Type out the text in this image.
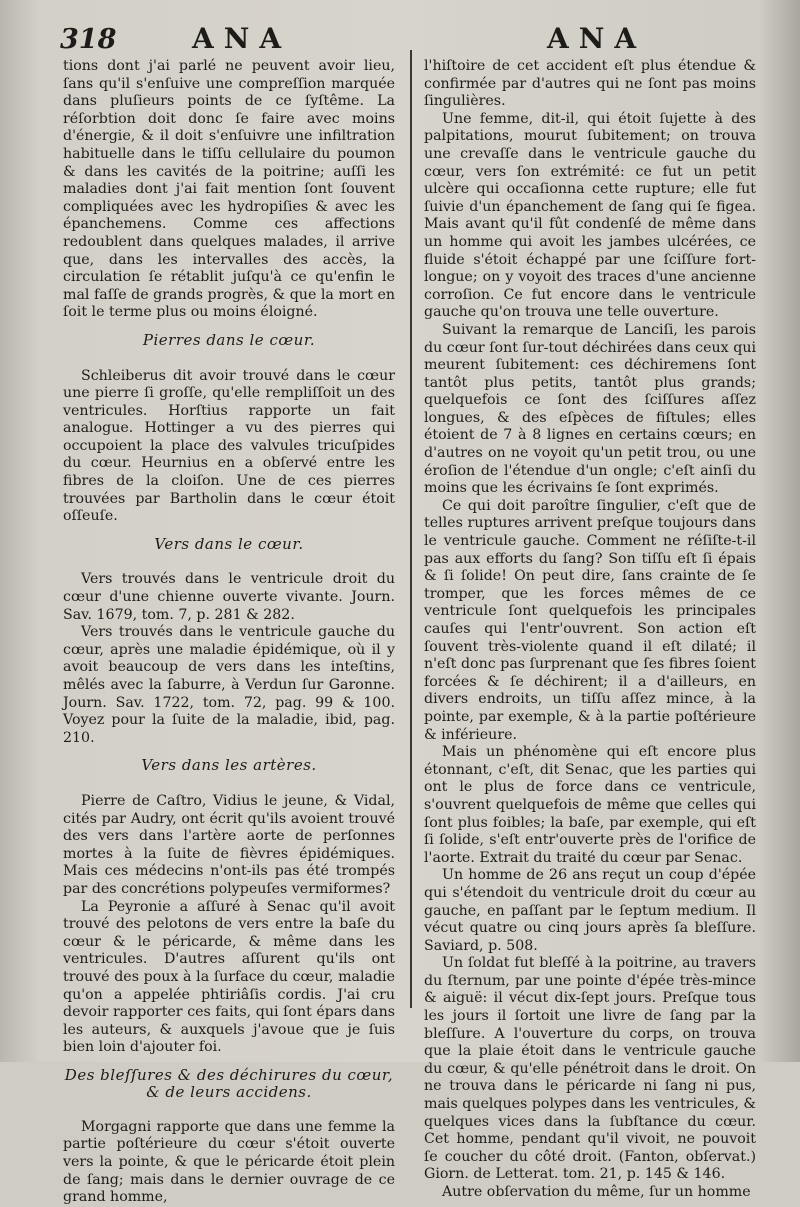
318	ANA	ANA

tions dont j'ai parlé ne peuvent avoir lieu, ſans qu'il s'enſuive une compreſſion marquée dans pluſieurs points de ce ſyſtême. La réſorbtion doit donc ſe faire avec moins d'énergie, & il doit s'enſuivre une infiltration habituelle dans le tiſſu cellulaire du poumon & dans les cavités de la poitrine; auſſi les maladies dont j'ai fait mention ſont ſouvent compliquées avec les hydropiſies & avec les épanchemens. Comme ces affections redoublent dans quelques malades, il arrive que, dans les intervalles des accès, la circulation ſe rétablit juſqu'à ce qu'enfin le mal faſſe de grands progrès, & que la mort en ſoit le terme plus ou moins éloigné.

Pierres dans le cœur.

Schleiberus dit avoir trouvé dans le cœur une pierre ſi groſſe, qu'elle rempliſſoit un des ventricules. Horſtius rapporte un fait analogue. Hottinger a vu des pierres qui occupoient la place des valvules tricuſpides du cœur. Heurnius en a obſervé entre les fibres de la cloiſon. Une de ces pierres trouvées par Bartholin dans le cœur étoit oſſeuſe.

Vers dans le cœur.

Vers trouvés dans le ventricule droit du cœur d'une chienne ouverte vivante. Journ. Sav. 1679, tom. 7, p. 281 & 282.

Vers trouvés dans le ventricule gauche du cœur, après une maladie épidémique, où il y avoit beaucoup de vers dans les inteſtins, mêlés avec la ſaburre, à Verdun ſur Garonne. Journ. Sav. 1722, tom. 72, pag. 99 & 100. Voyez pour la ſuite de la maladie, ibid, pag. 210.

Vers dans les artères.

Pierre de Caſtro, Vidius le jeune, & Vidal, cités par Audry, ont écrit qu'ils avoient trouvé des vers dans l'artère aorte de perſonnes mortes à la ſuite de fièvres épidémiques. Mais ces médecins n'ont-ils pas été trompés par des concrétions polypeuſes vermiformes?

La Peyronie a aſſuré à Senac qu'il avoit trouvé des pelotons de vers entre la baſe du cœur & le péricarde, & même dans les ventricules. D'autres aſſurent qu'ils ont trouvé des poux à la ſurface du cœur, maladie qu'on a appelée phtiriâſis cordis. J'ai cru devoir rapporter ces faits, qui ſont épars dans les auteurs, & auxquels j'avoue que je ſuis bien loin d'ajouter foi.

Des bleſſures & des déchirures du cœur, & de leurs accidens.

Morgagni rapporte que dans une femme la partie poſtérieure du cœur s'étoit ouverte vers la pointe, & que le péricarde étoit plein de ſang; mais dans le dernier ouvrage de ce grand homme,

l'hiſtoire de cet accident eſt plus étendue & confirmée par d'autres qui ne ſont pas moins ſingulières.

Une femme, dit-il, qui étoit ſujette à des palpitations, mourut ſubitement; on trouva une crevaſſe dans le ventricule gauche du cœur, vers ſon extrémité: ce fut un petit ulcère qui occaſionna cette rupture; elle fut ſuivie d'un épanchement de ſang qui ſe figea. Mais avant qu'il fût condenſé de même dans un homme qui avoit les jambes ulcérées, ce fluide s'étoit échappé par une ſciſſure fort-longue; on y voyoit des traces d'une ancienne corroſion. Ce fut encore dans le ventricule gauche qu'on trouva une telle ouverture.

Suivant la remarque de Lanciſi, les parois du cœur ſont ſur-tout déchirées dans ceux qui meurent ſubitement: ces déchiremens ſont tantôt plus petits, tantôt plus grands; quelquefois ce ſont des ſciſſures aſſez longues, & des eſpèces de fiſtules; elles étoient de 7 à 8 lignes en certains cœurs; en d'autres on ne voyoit qu'un petit trou, ou une éroſion de l'étendue d'un ongle; c'eſt ainſi du moins que les écrivains ſe ſont exprimés.

Ce qui doit paroître ſingulier, c'eſt que de telles ruptures arrivent preſque toujours dans le ventricule gauche. Comment ne réſiſte-t-il pas aux efforts du ſang? Son tiſſu eſt ſi épais & ſi ſolide! On peut dire, ſans crainte de ſe tromper, que les forces mêmes de ce ventricule ſont quelquefois les principales cauſes qui l'entr'ouvrent. Son action eſt ſouvent très-violente quand il eſt dilaté; il n'eſt donc pas ſurprenant que ſes fibres ſoient forcées & ſe déchirent; il a d'ailleurs, en divers endroits, un tiſſu aſſez mince, à la pointe, par exemple, & à la partie poſtérieure & inférieure.

Mais un phénomène qui eſt encore plus étonnant, c'eſt, dit Senac, que les parties qui ont le plus de force dans ce ventricule, s'ouvrent quelquefois de même que celles qui ſont plus foibles; la baſe, par exemple, qui eſt ſi ſolide, s'eſt entr'ouverte près de l'orifice de l'aorte. Extrait du traité du cœur par Senac.

Un homme de 26 ans reçut un coup d'épée qui s'étendoit du ventricule droit du cœur au gauche, en paſſant par le ſeptum medium. Il vécut quatre ou cinq jours après ſa bleſſure. Saviard, p. 508.

Un ſoldat fut bleſſé à la poitrine, au travers du ſternum, par une pointe d'épée très-mince & aiguë: il vécut dix-ſept jours. Preſque tous les jours il ſortoit une livre de ſang par la bleſſure. A l'ouverture du corps, on trouva que la plaie étoit dans le ventricule gauche du cœur, & qu'elle pénétroit dans le droit. On ne trouva dans le péricarde ni ſang ni pus, mais quelques polypes dans les ventricules, & quelques vices dans la ſubſtance du cœur. Cet homme, pendant qu'il vivoit, ne pouvoit ſe coucher du côté droit. (Fanton, obſervat.) Giorn. de Letterat. tom. 21, p. 145 & 146.

Autre obſervation du même, ſur un homme
